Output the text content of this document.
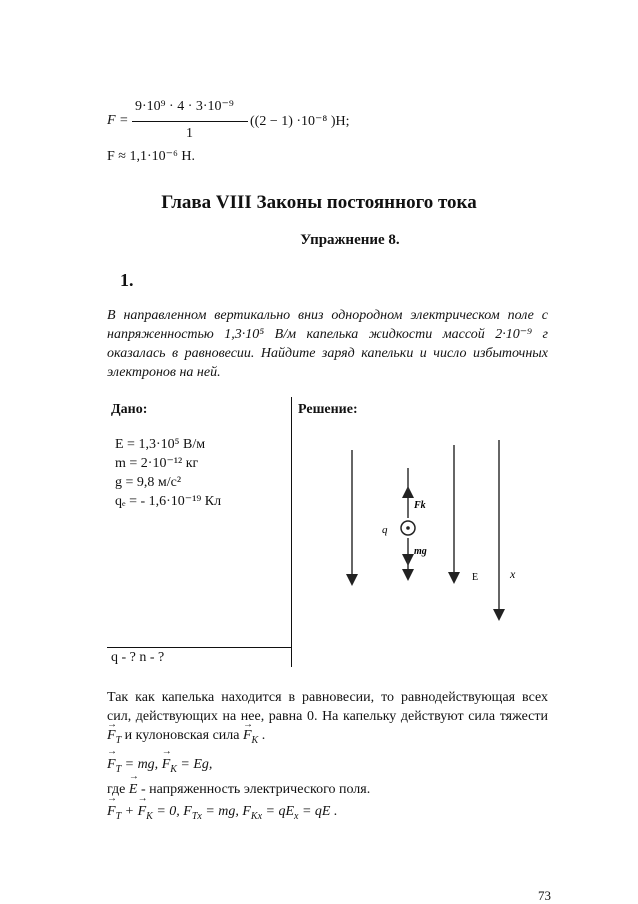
F =
9·10⁹ · 4 · 3·10⁻⁹
1
((2 − 1) ·10⁻⁸ )Н;
F ≈ 1,1·10⁻⁶ Н.
Глава VIII Законы постоянного тока
Упражнение 8.
1.
В направленном вертикально вниз однородном электрическом поле с напряженностью 1,3·10⁵ В/м капелька жидкости массой 2·10⁻⁹ г оказалась в равновесии. Найдите заряд капельки и число избыточных электронов на ней.
Дано:	Решение:
E = 1,3·10⁵ В/м
m = 2·10⁻¹² кг
g = 9,8 м/с²
qₑ = - 1,6·10⁻¹⁹ Кл
q - ? n - ?
q
Fk
mg
E	x
Так как капелька находится в равновесии, то равнодействующая всех сил, действующих на нее, равна 0. На капельку действуют сила тяжести → $F_T$ и кулоновская сила → $F_K$ .
→ $F_T$ = mg, → $F_K = Eg$,
где → E - напряженность электрического поля.
→ $F_T$ + → $F_K = 0$, $F_{Tx}$ = mg, $F_{Kx} = qE_x$ = qE .
73
